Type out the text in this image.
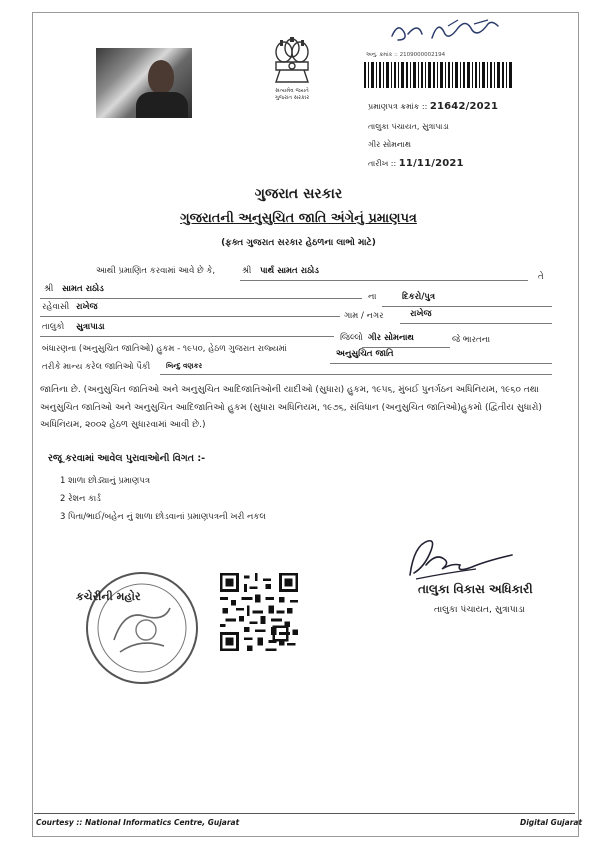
સત્યમેવ જયતે
ગુજરાત સરકાર
અનુ. ક્રમાંક :: 2109000002194
પ્રમાણપત્ર ક્રમાંક :: 21642/2021
તાલુકા પંચાયત, સુત્રાપાડા
ગીર સોમનાથ
તારીખ :: 11/11/2021
ગુજરાત સરકાર
ગુજરાતની અનુસુચિત જાતિ અંગેનું પ્રમાણપત્ર
(ફક્ત ગુજરાત સરકાર હેઠળના લાભો માટે)
આથી પ્રમાણિત કરવામાં આવે છે કે,	શ્રી પાર્થ સામત રાઠોડ
તે
શ્રી સામત રાઠોડ
ના	દિકરો/પુત્ર
રહેવાસી રાખેજ
ગામ / નગર	રાખેજ
તાલુકો સુત્રાપાડા
જિલ્લો ગીર સોમનાથ	જે ભારતના
બંધારણના (અનુસુચિત જાતિઓ) હુકમ - ૧૯૫૦, હેઠળ ગુજરાત રાજ્યમાં	અનુસુચિત જાતિ
તરીકે માન્ય કરેલ જાતિઓ પૈકી બિન્દુ વણકર
જાતિના છે. (અનુસુચિત જાતિઓ અને અનુસુચિત આદિજાતિઓની યાદીઓ (સુધારા) હુકમ, ૧૯૫૬, મુંબઈ પુનર્ગઠન અધિનિયમ, ૧૯૬૦ તથા અનુસુચિત જાતિઓ અને અનુસુચિત આદિજાતિઓ હુકમ (સુધારા અધિનિયમ, ૧૯૭૬, સંવિધાન (અનુસુચિત જાતિઓ)હુકમો (દ્વિતીય સુધારો) અધિનિયમ, ૨૦૦૨ હેઠળ સુધારવામાં આવી છે.)
રજૂ કરવામાં આવેલ પુરાવાઓની વિગત :-
1 શાળા છોડ્યાનું પ્રમાણપત્ર
2 રેશન કાર્ડ
3 પિતા/ભાઈ/બહેન નું શાળા છોડવાનાં પ્રમાણપત્રની ખરી નકલ
કચેરીની મહોર
તાલુકા વિકાસ અધિકારી
તાલુકા પંચાયત, સુત્રાપાડા
Courtesy :: National Informatics Centre, Gujarat	Digital Gujarat
